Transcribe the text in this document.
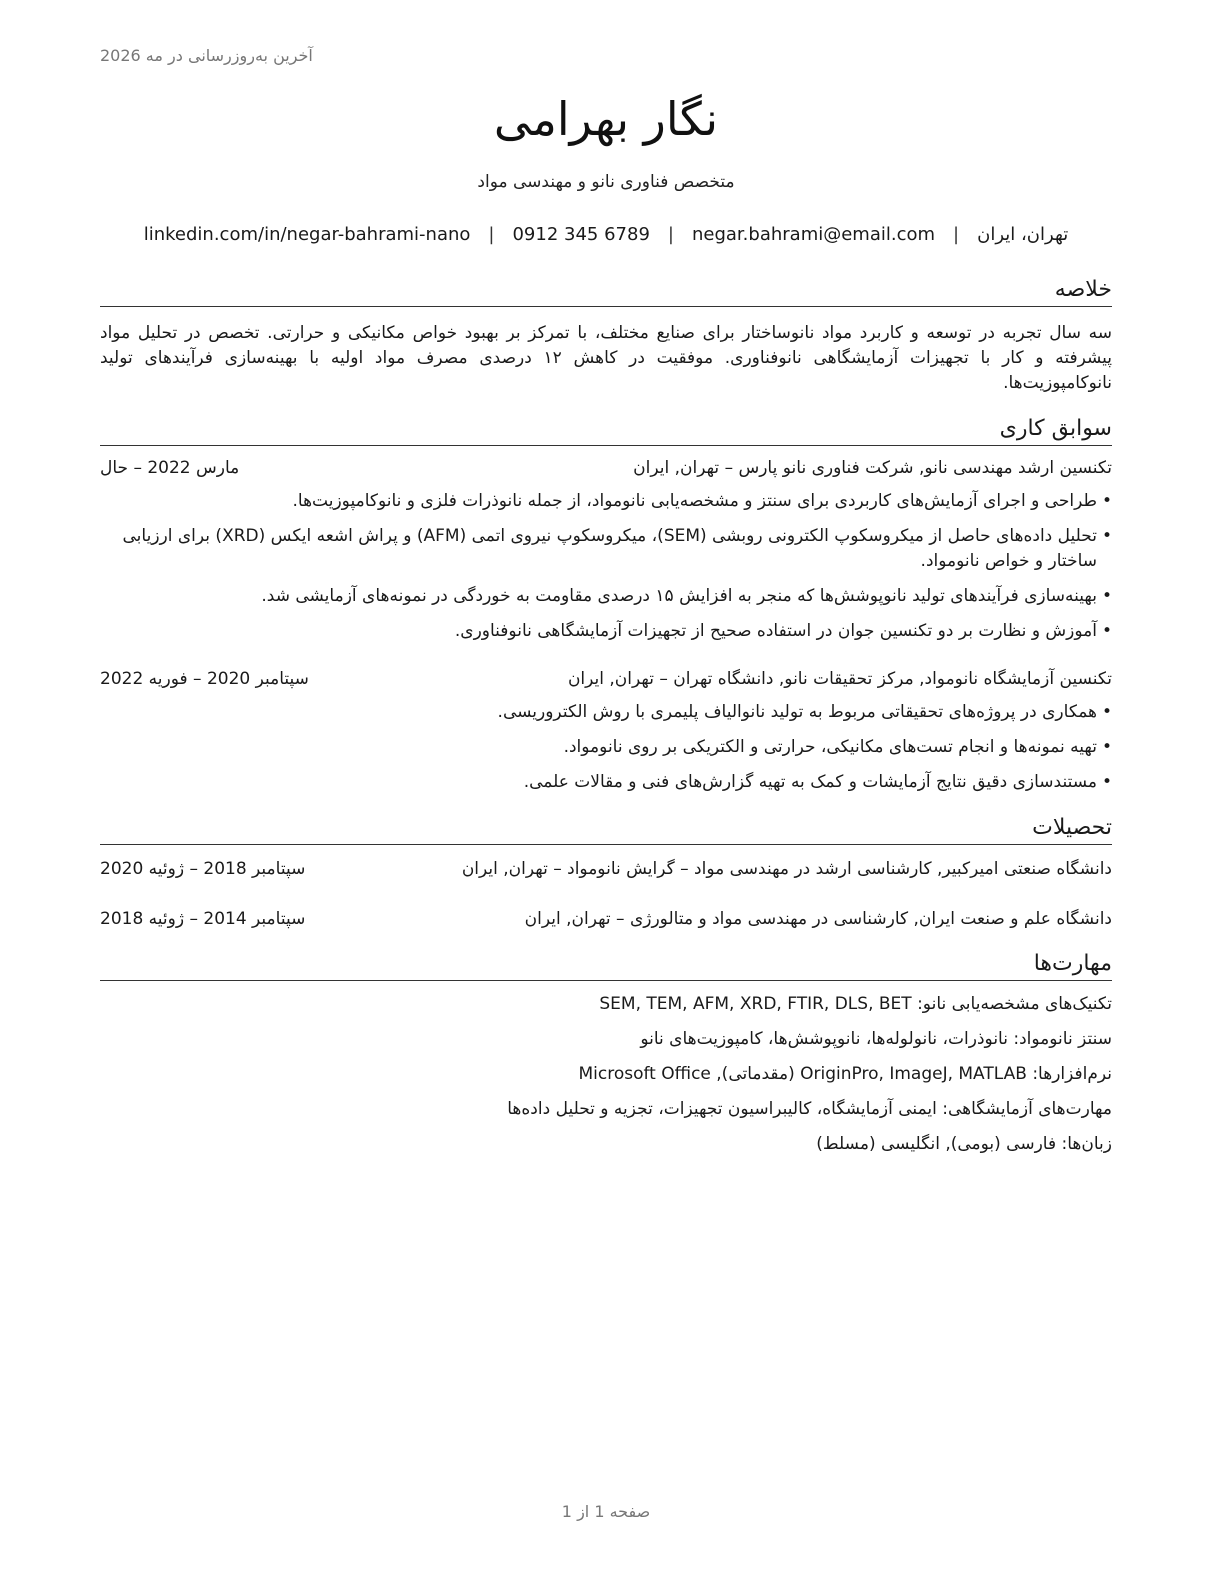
آخرین به‌روزرسانی در مه 2026
نگار بهرامی
متخصص فناوری نانو و مهندسی مواد
تهران، ایران
|
negar.bahrami@email.com
|
0912 345 6789
|
linkedin.com/in/negar-bahrami-nano
خلاصه
سه سال تجربه در توسعه و کاربرد مواد نانوساختار برای صنایع مختلف، با تمرکز بر بهبود خواص مکانیکی و حرارتی. تخصص در تحلیل مواد پیشرفته و کار با تجهیزات آزمایشگاهی نانوفناوری. موفقیت در کاهش ۱۲ درصدی مصرف مواد اولیه با بهینه‌سازی فرآیندهای تولید نانوکامپوزیت‌ها.
سوابق کاری
تکنسین ارشد مهندسی نانو, شرکت فناوری نانو پارس – تهران, ایران
مارس 2022 – حال
• طراحی و اجرای آزمایش‌های کاربردی برای سنتز و مشخصه‌یابی نانومواد، از جمله نانوذرات فلزی و نانوکامپوزیت‌ها.
• تحلیل داده‌های حاصل از میکروسکوپ الکترونی روبشی (SEM)، میکروسکوپ نیروی اتمی (AFM) و پراش اشعه ایکس (XRD) برای ارزیابی ساختار و خواص نانومواد.
• بهینه‌سازی فرآیندهای تولید نانوپوشش‌ها که منجر به افزایش ۱۵ درصدی مقاومت به خوردگی در نمونه‌های آزمایشی شد.
• آموزش و نظارت بر دو تکنسین جوان در استفاده صحیح از تجهیزات آزمایشگاهی نانوفناوری.
تکنسین آزمایشگاه نانومواد, مرکز تحقیقات نانو, دانشگاه تهران – تهران, ایران
سپتامبر 2020 – فوریه 2022
• همکاری در پروژه‌های تحقیقاتی مربوط به تولید نانوالیاف پلیمری با روش الکتروریسی.
• تهیه نمونه‌ها و انجام تست‌های مکانیکی، حرارتی و الکتریکی بر روی نانومواد.
• مستندسازی دقیق نتایج آزمایشات و کمک به تهیه گزارش‌های فنی و مقالات علمی.
تحصیلات
دانشگاه صنعتی امیرکبیر, کارشناسی ارشد در مهندسی مواد – گرایش نانومواد – تهران, ایران
سپتامبر 2018 – ژوئیه 2020
دانشگاه علم و صنعت ایران, کارشناسی در مهندسی مواد و متالورژی – تهران, ایران
سپتامبر 2014 – ژوئیه 2018
مهارت‌ها
تکنیک‌های مشخصه‌یابی نانو: SEM, TEM, AFM, XRD, FTIR, DLS, BET
سنتز نانومواد: نانوذرات، نانولوله‌ها، نانوپوشش‌ها، کامپوزیت‌های نانو
نرم‌افزارها: OriginPro, ImageJ, MATLAB (مقدماتی), Microsoft Office
مهارت‌های آزمایشگاهی: ایمنی آزمایشگاه، کالیبراسیون تجهیزات، تجزیه و تحلیل داده‌ها
زبان‌ها: فارسی (بومی), انگلیسی (مسلط)
صفحه 1 از 1
